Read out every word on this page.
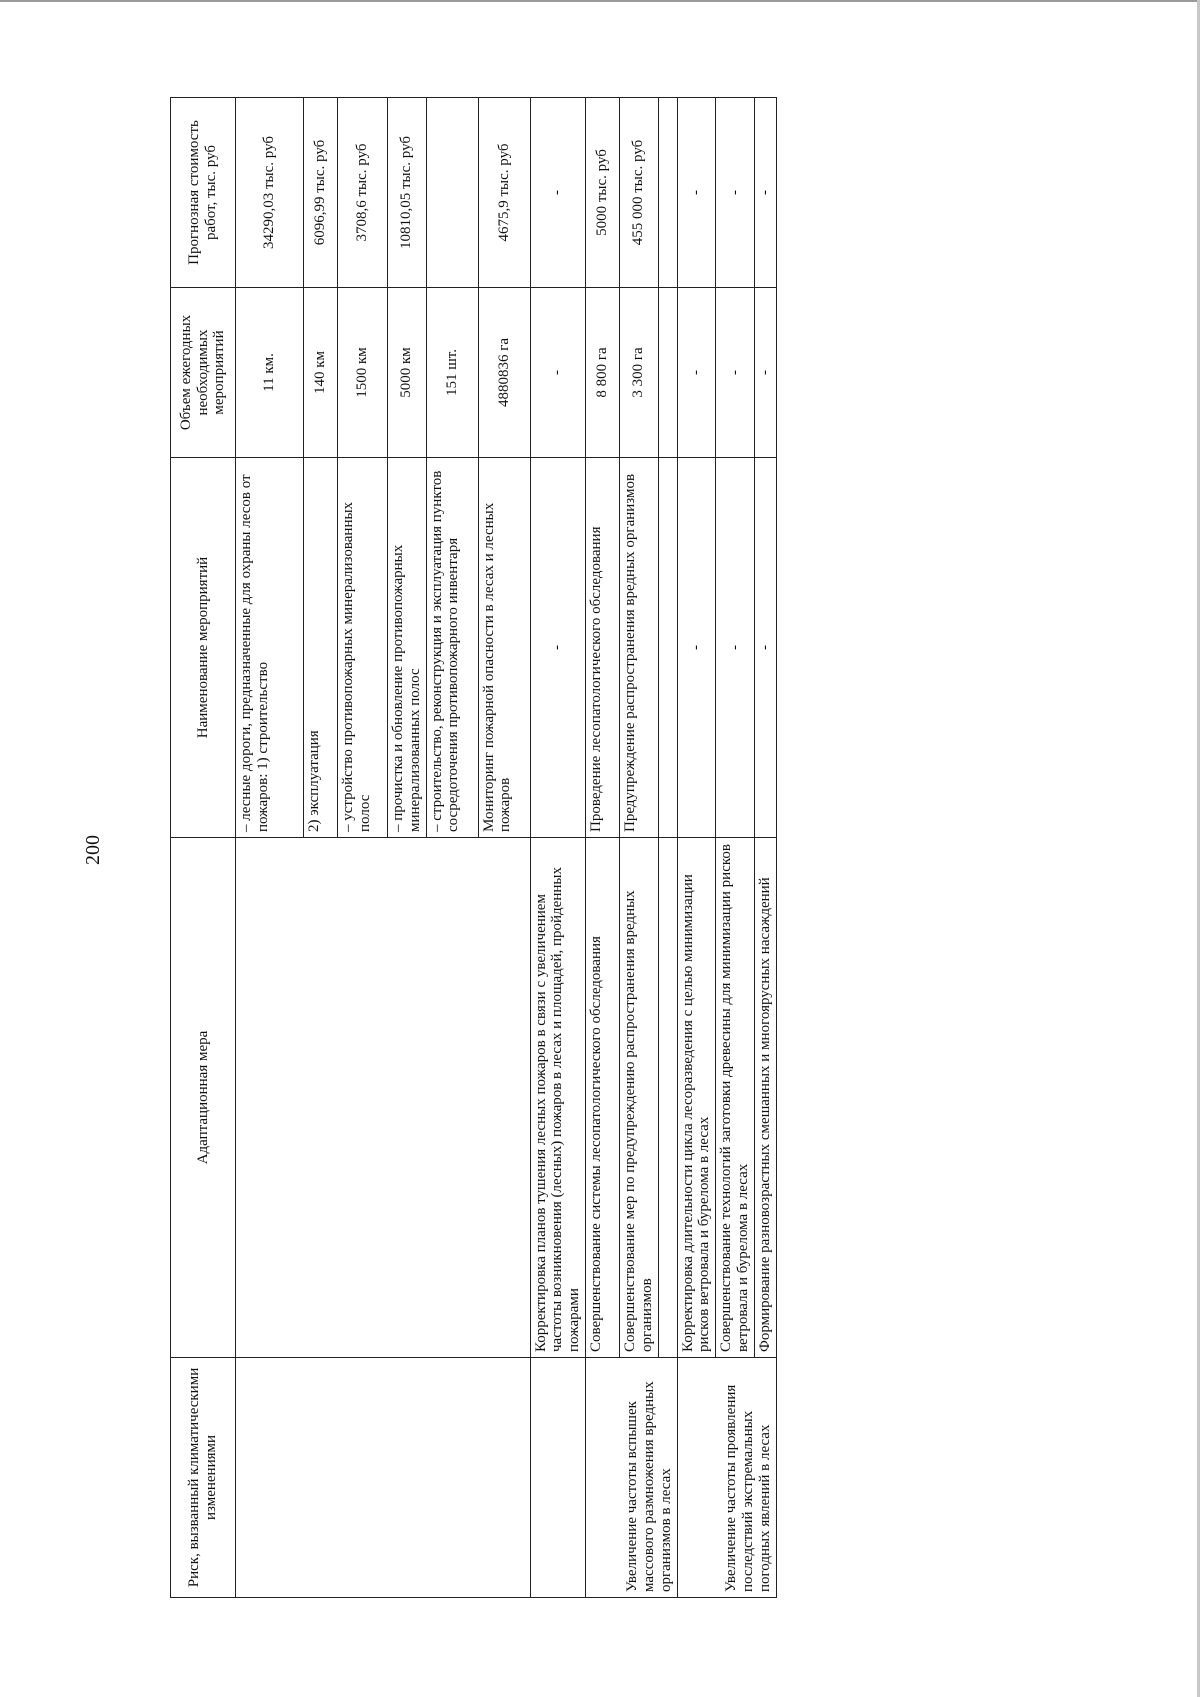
200
Риск, вызванный климатическими изменениями	Адаптационная мера	Наименование мероприятий	Объем ежегодных необходимых мероприятий	Прогнозная стоимость работ, тыс. руб
		– лесные дороги, предназначенные для охраны лесов от пожаров: 1) строительство	11 км.	34290,03 тыс. руб
		2) эксплуатация	140 км	6096,99 тыс. руб
		– устройство противопожарных минерализованных полос	1500 км	3708,6 тыс. руб
		– прочистка и обновление противопожарных минерализованных полос	5000 км	10810,05 тыс. руб
		– строительство, реконструкция и эксплуатация пунктов сосредоточения противопожарного инвентаря	151 шт.	
		Мониторинг пожарной опасности в лесах и лесных пожаров	4880836 га	4675,9 тыс. руб
	Корректировка планов тушения лесных пожаров в связи с увеличением частоты возникновения (лесных) пожаров в лесах и площадей, пройденных пожарами	-	-	-
Увеличение частоты вспышек массового размножения вредных организмов в лесах	Совершенствование системы лесопатологического обследования	Проведение лесопатологического обследования	8 800 га	5000 тыс. руб
	Совершенствование мер по предупреждению распространения вредных организмов	Предупреждение распространения вредных организмов	3 300 га	455 000 тыс. руб

Увеличение частоты проявления последствий экстремальных погодных явлений в лесах	Корректировка длительности цикла лесоразведения с целью минимизации рисков ветровала и бурелома в лесах	-	-	-
	Совершенствование технологий заготовки древесины для минимизации рисков ветровала и бурелома в лесах	-	-	-
	Формирование разновозрастных смешанных и многоярусных насаждений	-	-	-
